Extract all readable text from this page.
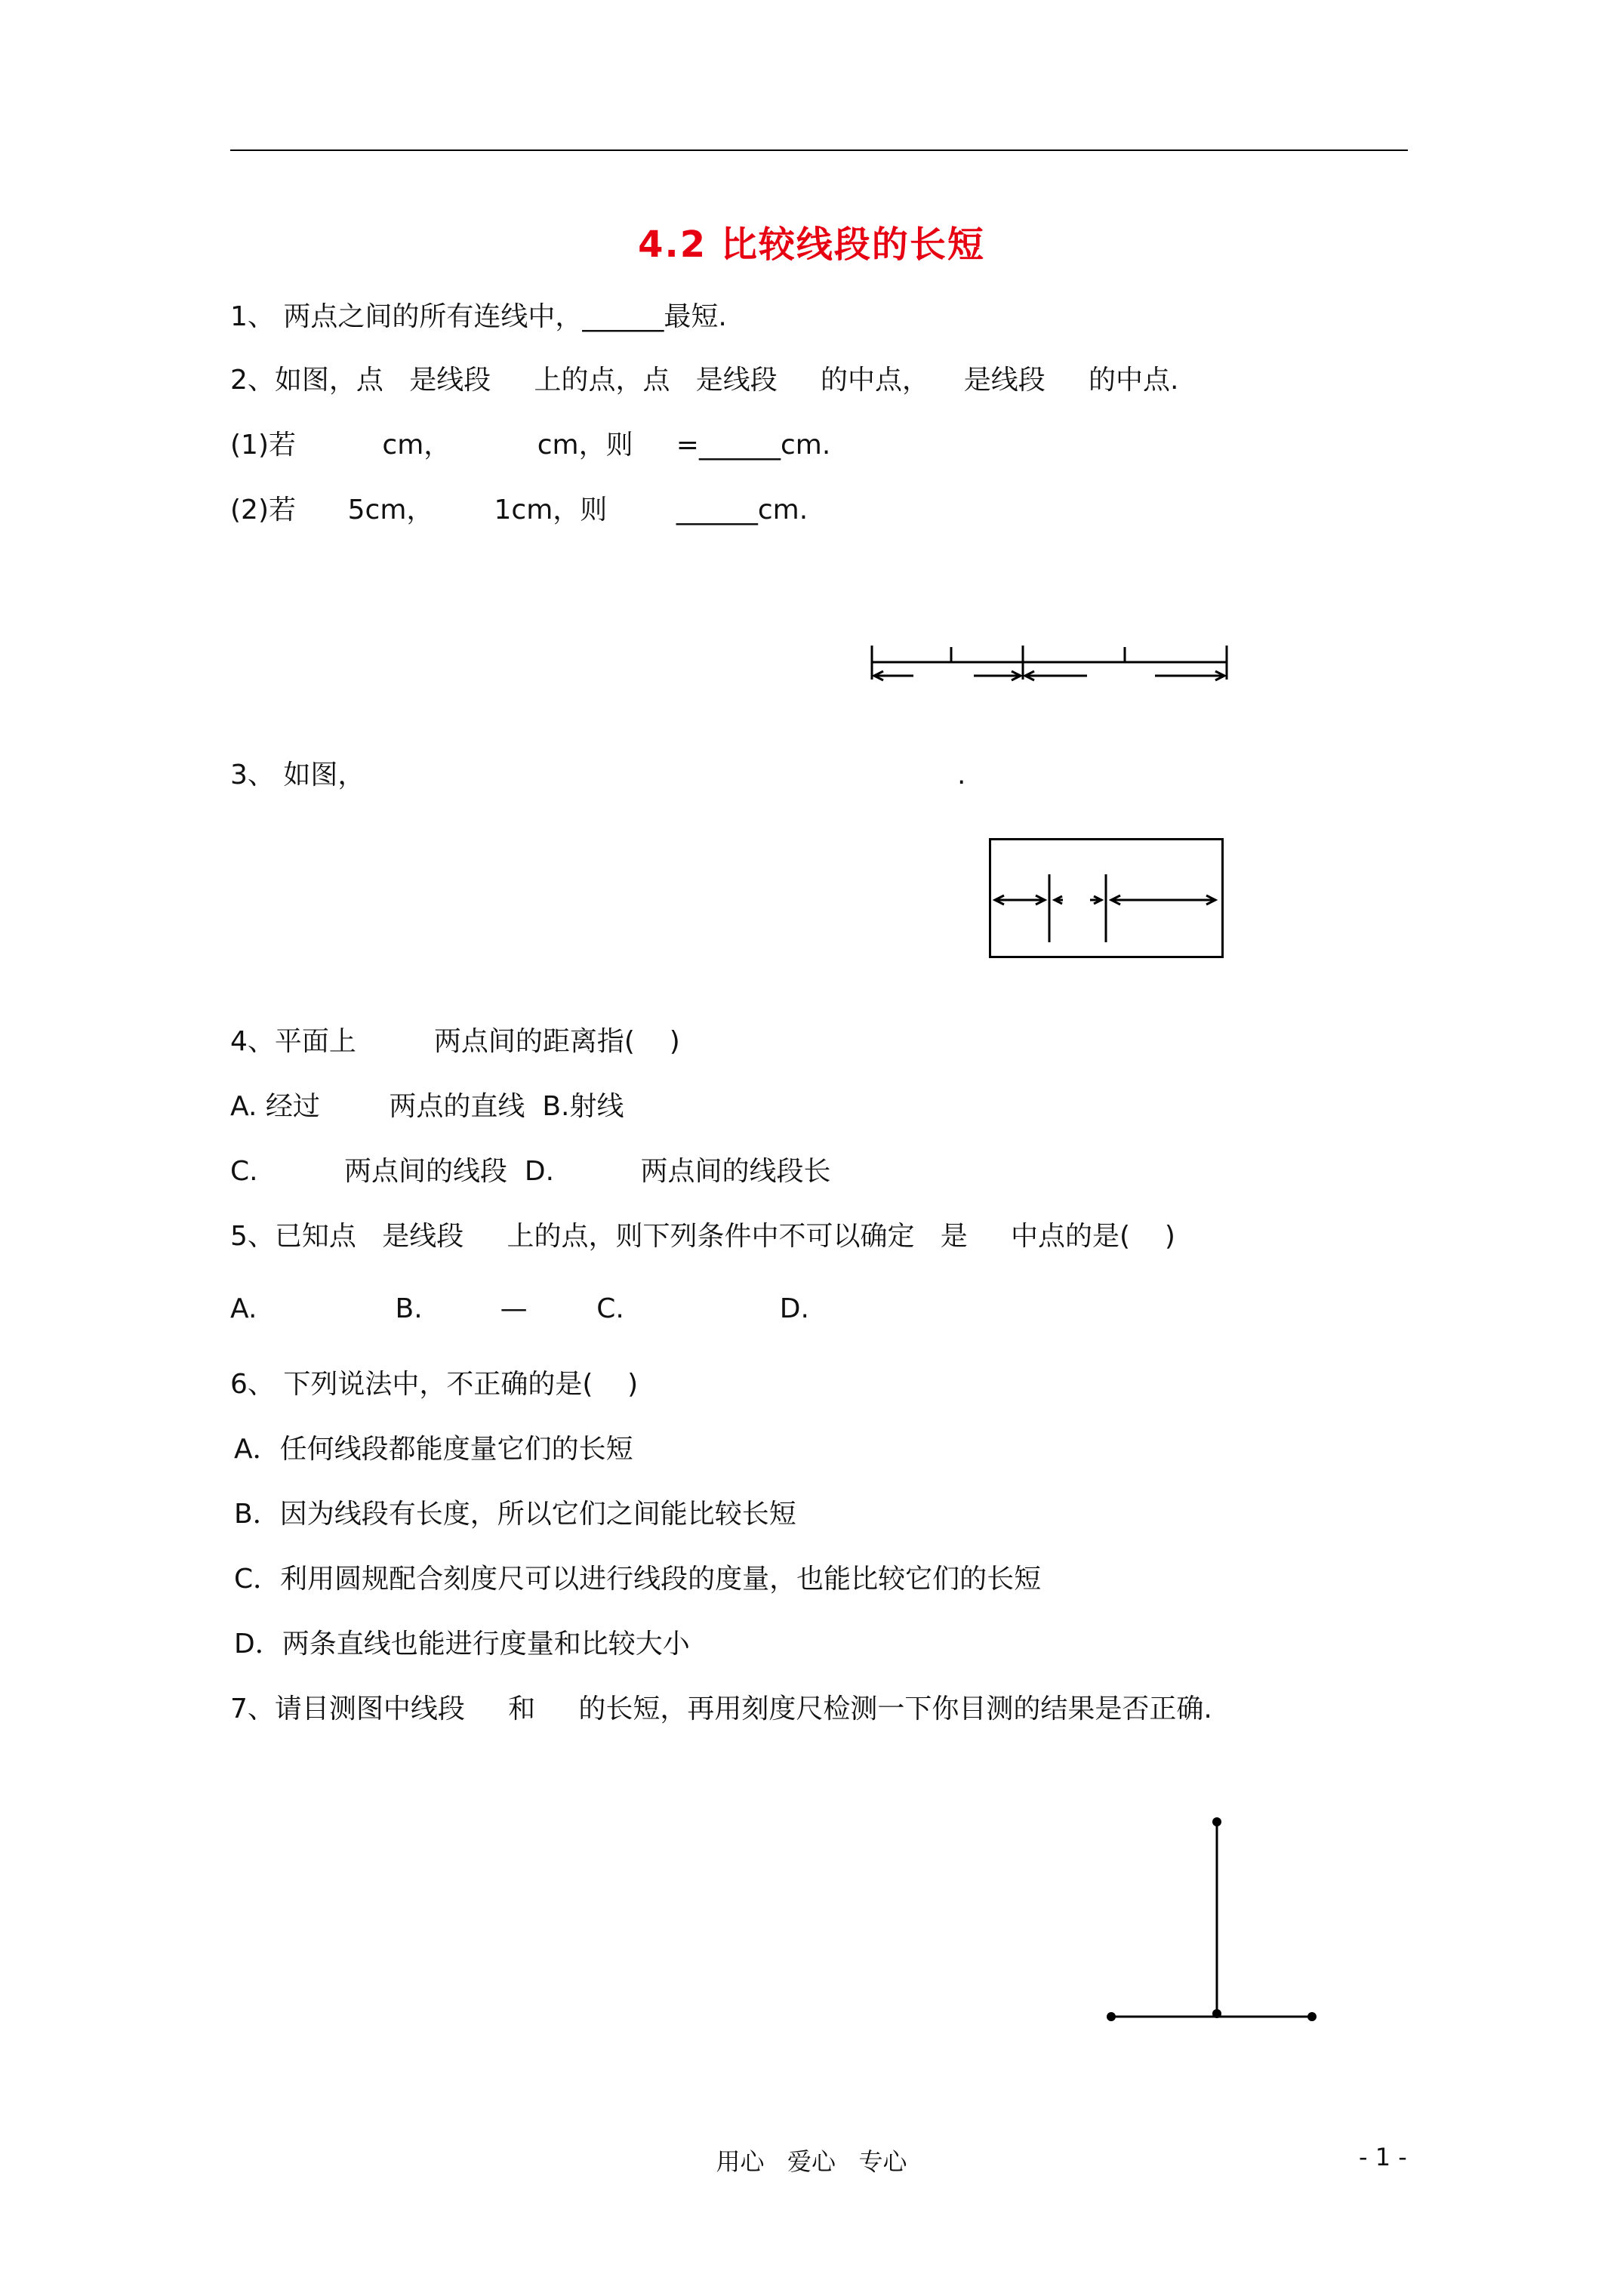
4.2 比较线段的长短
1、 两点之间的所有连线中，______最短.
2、如图，点   是线段     上的点，点   是线段     的中点，    是线段     的中点.
(1)若          cm，          cm，则     =______cm.
(2)若      5cm，       1cm，则        ______cm.
3、 如图，	.
4、平面上         两点间的距离指(    )
A. 经过        两点的直线  B.射线
C.          两点间的线段  D.          两点间的线段长
5、已知点   是线段     上的点，则下列条件中不可以确定   是     中点的是(    )
A.                B.         —        C.                  D.
6、 下列说法中，不正确的是(    )
A．任何线段都能度量它们的长短
B．因为线段有长度，所以它们之间能比较长短
C．利用圆规配合刻度尺可以进行线段的度量，也能比较它们的长短
D．两条直线也能进行度量和比较大小
7、请目测图中线段     和     的长短，再用刻度尺检测一下你目测的结果是否正确.
用心   爱心   专心	- 1 -
